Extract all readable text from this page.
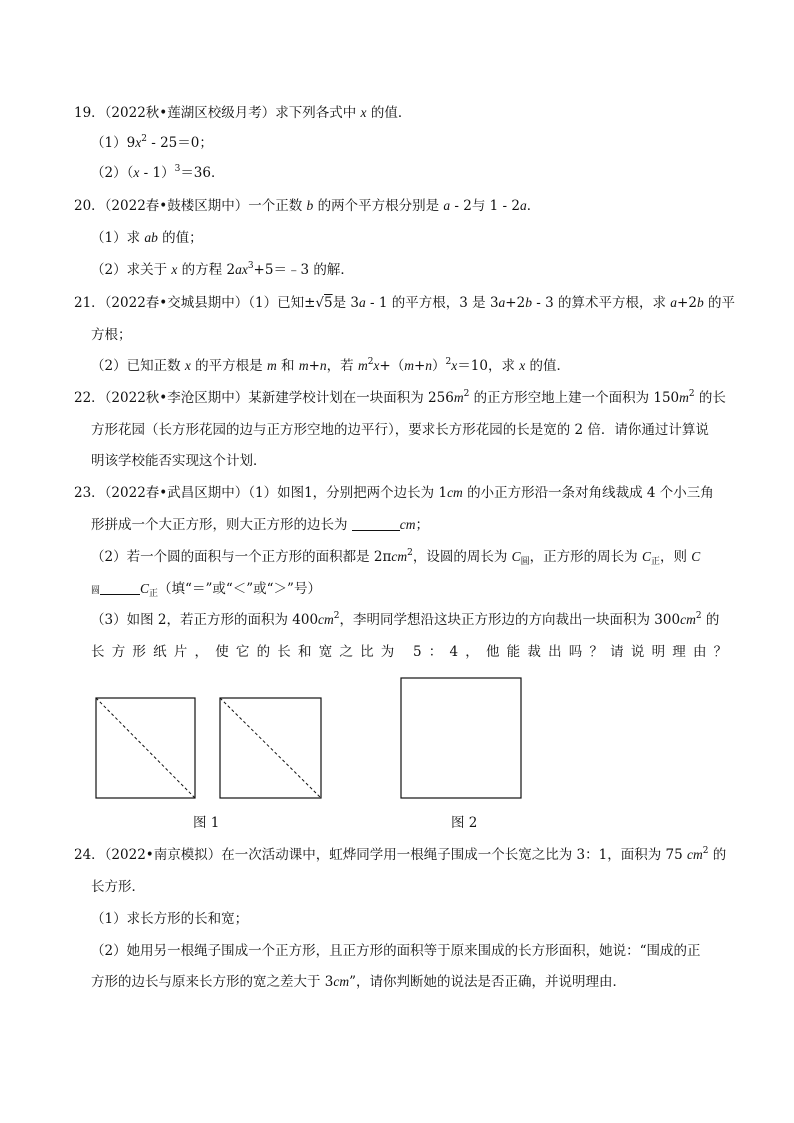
19．（2022秋•莲湖区校级月考）求下列各式中 x 的值．
$(1)9x^2 - 25=0$；
（2）（x - 1）$^3$＝36．
20．（2022春•鼓楼区期中）一个正数 b 的两个平方根分别是 a - 2与 1 - 2a．
（1）求 ab 的值；
（2）求关于 x 的方程 $2ax^3+5=﹣3$ 的解．
21．（2022春•交城县期中）（1）已知±√5是 3a - 1 的平方根，3 是 3a+2b - 3 的算术平方根，求 a+2b 的平
方根；
（2）已知正数 x 的平方根是 m 和 m+n，若 $m^2x+(m+n)^2x=10$，求 x 的值．
22．（2022秋•李沧区期中）某新建学校计划在一块面积为 $256m^2$ 的正方形空地上建一个面积为 $150m^2$ 的长
方形花园（长方形花园的边与正方形空地的边平行），要求长方形花园的长是宽的 2 倍．请你通过计算说
明该学校能否实现这个计划．
23．（2022春•武昌区期中）（1）如图1，分别把两个边长为 1cm 的小正方形沿一条对角线裁成 4 个小三角
形拼成一个大正方形，则大正方形的边长为	cm；
（2）若一个圆的面积与一个正方形的面积都是 2πcm$^2$，设圆的周长为 $C_圆$，正方形的周长为 $C_正$，则 C
圆	$C_正$（填“＝”或“＜”或“＞”号）
（3）如图 2，若正方形的面积为 $400cm^2$，李明同学想沿这块正方形边的方向裁出一块面积为 $300cm^2$ 的
长方形纸片，使它的长和宽之比为 5：4，他能裁出吗？请说明理由？
图 1	图 2
24．（2022•南京模拟）在一次活动课中，虹烨同学用一根绳子围成一个长宽之比为 3：1，面积为 75 $cm^2$ 的
长方形．
（1）求长方形的长和宽；
（2）她用另一根绳子围成一个正方形，且正方形的面积等于原来围成的长方形面积，她说：“围成的正
方形的边长与原来长方形的宽之差大于 3cm”，请你判断她的说法是否正确，并说明理由．
